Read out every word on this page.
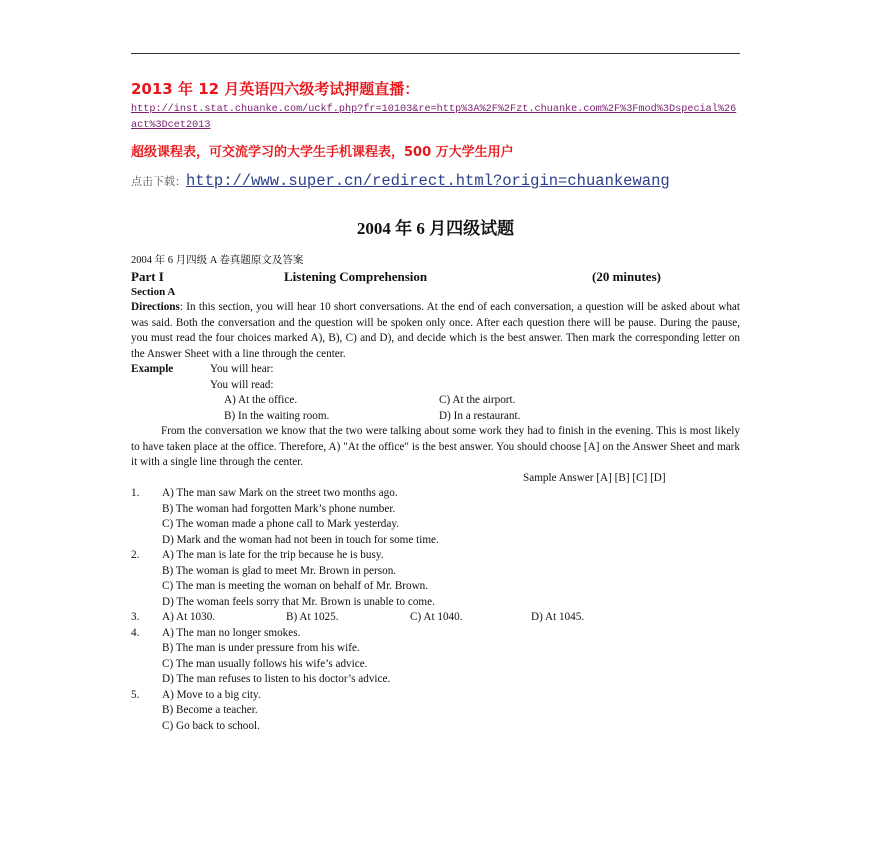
2013 年 12 月英语四六级考试押题直播：
http://inst.stat.chuanke.com/uckf.php?fr=10103&re=http%3A%2F%2Fzt.chuanke.com%2F%3Fmod%3Dspecial%26act%3Dcet2013
超级课程表，可交流学习的大学生手机课程表，500 万大学生用户
点击下载：http://www.super.cn/redirect.html?origin=chuankewang
2004 年 6 月四级试题
2004 年 6 月四级 A 卷真题原文及答案
Part I	Listening Comprehension	(20 minutes)
Section A
Directions: In this section, you will hear 10 short conversations. At the end of each conversation, a question will be asked about what was said. Both the conversation and the question will be spoken only once. After each question there will be pause. During the pause, you must read the four choices marked A), B), C) and D), and decide which is the best answer. Then mark the corresponding letter on the Answer Sheet with a line through the center.
Example	You will hear:
You will read:
A) At the office.	C) At the airport.
B) In the waiting room.	D) In a restaurant.
From the conversation we know that the two were talking about some work they had to finish in the evening. This is most likely to have taken place at the office. Therefore, A) "At the office" is the best answer. You should choose [A] on the Answer Sheet and mark it with a single line through the center.
Sample Answer [A] [B] [C] [D]
1. A) The man saw Mark on the street two months ago.
B) The woman had forgotten Mark’s phone number.
C) The woman made a phone call to Mark yesterday.
D) Mark and the woman had not been in touch for some time.
2. A) The man is late for the trip because he is busy.
B) The woman is glad to meet Mr. Brown in person.
C) The man is meeting the woman on behalf of Mr. Brown.
D) The woman feels sorry that Mr. Brown is unable to come.
3. A) At 1030.	B) At 1025.	C) At 1040.	D) At 1045.
4. A) The man no longer smokes.
B) The man is under pressure from his wife.
C) The man usually follows his wife’s advice.
D) The man refuses to listen to his doctor’s advice.
5. A) Move to a big city.
B) Become a teacher.
C) Go back to school.
